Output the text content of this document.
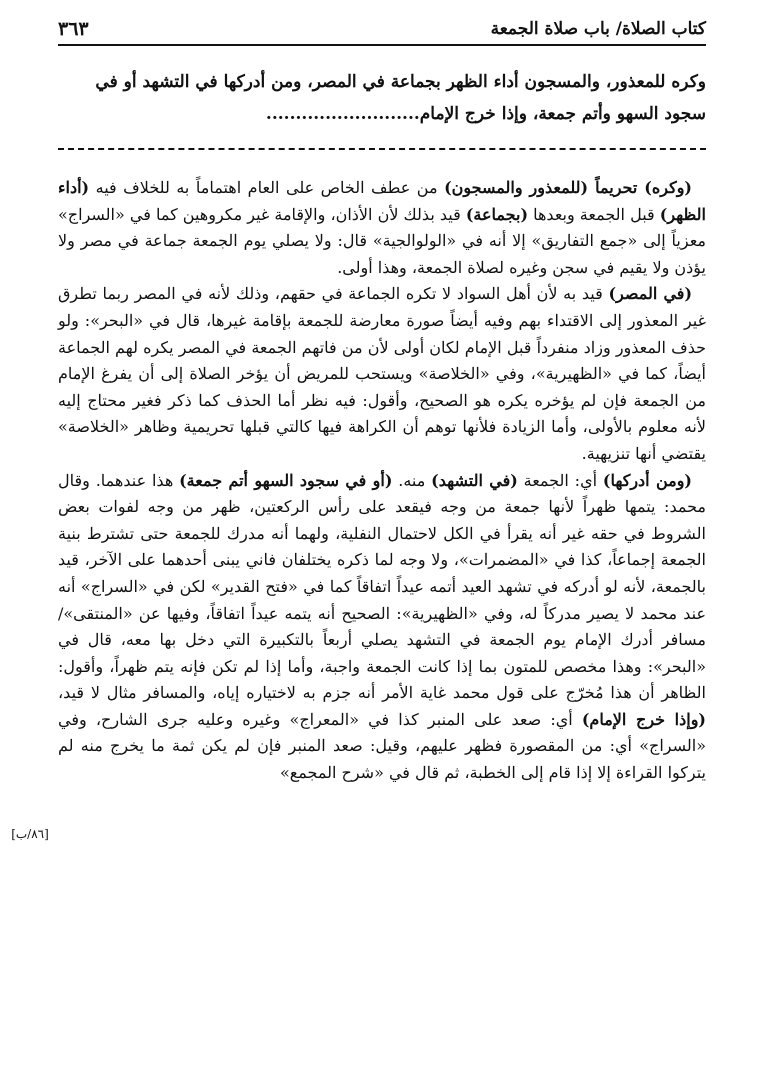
كتاب الصلاة/ باب صلاة الجمعة
٣٦٣

وكره للمعذور، والمسجون أداء الظهر بجماعة في المصر، ومن أدركها في التشهد أو في

سجود السهو وأتم جمعة، وإذا خرج الإمام..........................

(وكره) تحريماً (للمعذور والمسجون) من عطف الخاص على العام اهتماماً به للخلاف فيه (أداء الظهر) قبل الجمعة وبعدها (بجماعة) قيد بذلك لأن الأذان، والإقامة غير مكروهين كما في «السراج» معزياً إلى «جمع التفاريق» إلا أنه في «الولوالجية» قال: ولا يصلي يوم الجمعة جماعة في مصر ولا يؤذن ولا يقيم في سجن وغيره لصلاة الجمعة، وهذا أولى.

(في المصر) قيد به لأن أهل السواد لا تكره الجماعة في حقهم، وذلك لأنه في المصر ربما تطرق غير المعذور إلى الاقتداء بهم وفيه أيضاً صورة معارضة للجمعة بإقامة غيرها، قال في «البحر»: ولو حذف المعذور وزاد منفرداً قبل الإمام لكان أولى لأن من فاتهم الجمعة في المصر يكره لهم الجماعة أيضاً، كما في «الظهيرية»، وفي «الخلاصة» ويستحب للمريض أن يؤخر الصلاة إلى أن يفرغ الإمام من الجمعة فإن لم يؤخره يكره هو الصحيح، وأقول: فيه نظر أما الحذف كما ذكر فغير محتاج إليه لأنه معلوم بالأولى، وأما الزيادة فلأنها توهم أن الكراهة فيها كالتي قبلها تحريمية وظاهر «الخلاصة» يقتضي أنها تنزيهية.

(ومن أدركها) أي: الجمعة (في التشهد) منه. (أو في سجود السهو أتم جمعة) هذا عندهما. وقال محمد: يتمها ظهراً لأنها جمعة من وجه فيقعد على رأس الركعتين، ظهر من وجه لفوات بعض الشروط في حقه غير أنه يقرأ في الكل لاحتمال النفلية، ولهما أنه مدرك للجمعة حتى تشترط بنية الجمعة إجماعاً، كذا في «المضمرات»، ولا وجه لما ذكره يختلفان فاني يبنى أحدهما على الآخر، قيد بالجمعة، لأنه لو أدركه في تشهد العيد أتمه عيداً اتفاقاً كما في «فتح القدير» لكن في «السراج» أنه عند محمد لا يصير مدركاً له، وفي «الظهيرية»: الصحيح أنه يتمه عيداً اتفاقاً، وفيها عن «المنتقى»/ مسافر أدرك الإمام يوم الجمعة في التشهد يصلي أربعاً بالتكبيرة التي دخل بها معه، قال في «البحر»: وهذا مخصص للمتون بما إذا كانت الجمعة واجبة، وأما إذا لم تكن فإنه يتم ظهراً، وأقول: الظاهر أن هذا مُخرّج على قول محمد غاية الأمر أنه جزم به لاختياره إياه، والمسافر مثال لا قيد، (وإذا خرج الإمام) أي: صعد على المنبر كذا في «المعراج» وغيره وعليه جرى الشارح، وفي «السراج» أي: من المقصورة فظهر عليهم، وقيل: صعد المنبر فإن لم يكن ثمة ما يخرج منه لم يتركوا القراءة إلا إذا قام إلى الخطبة، ثم قال في «شرح المجمع»

[٨٦/ب]
